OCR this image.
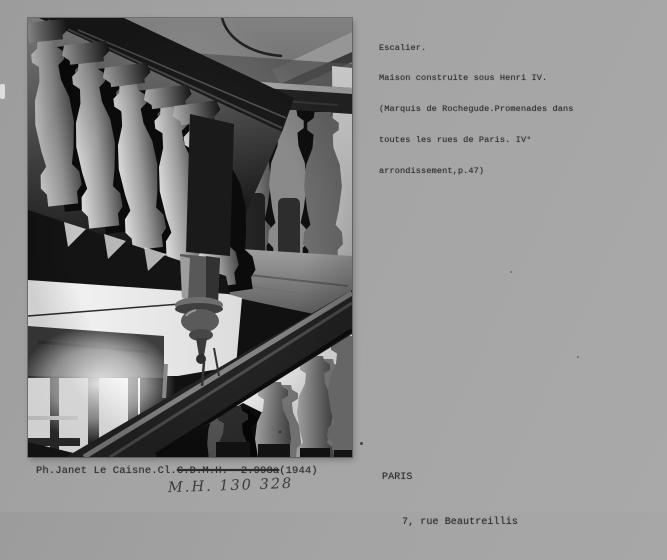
Escalier.

Maison construite sous Henri IV.

(Marquis de Rochegude.Promenades dans

toutes les rues de Paris. IV°

arrondissement,p.47)

PARIS

7, rue Beautreillis

Ph.Janet Le Caisne.Cl.C.D.M.H.  2.998a(1944)
M.H. 130 328
